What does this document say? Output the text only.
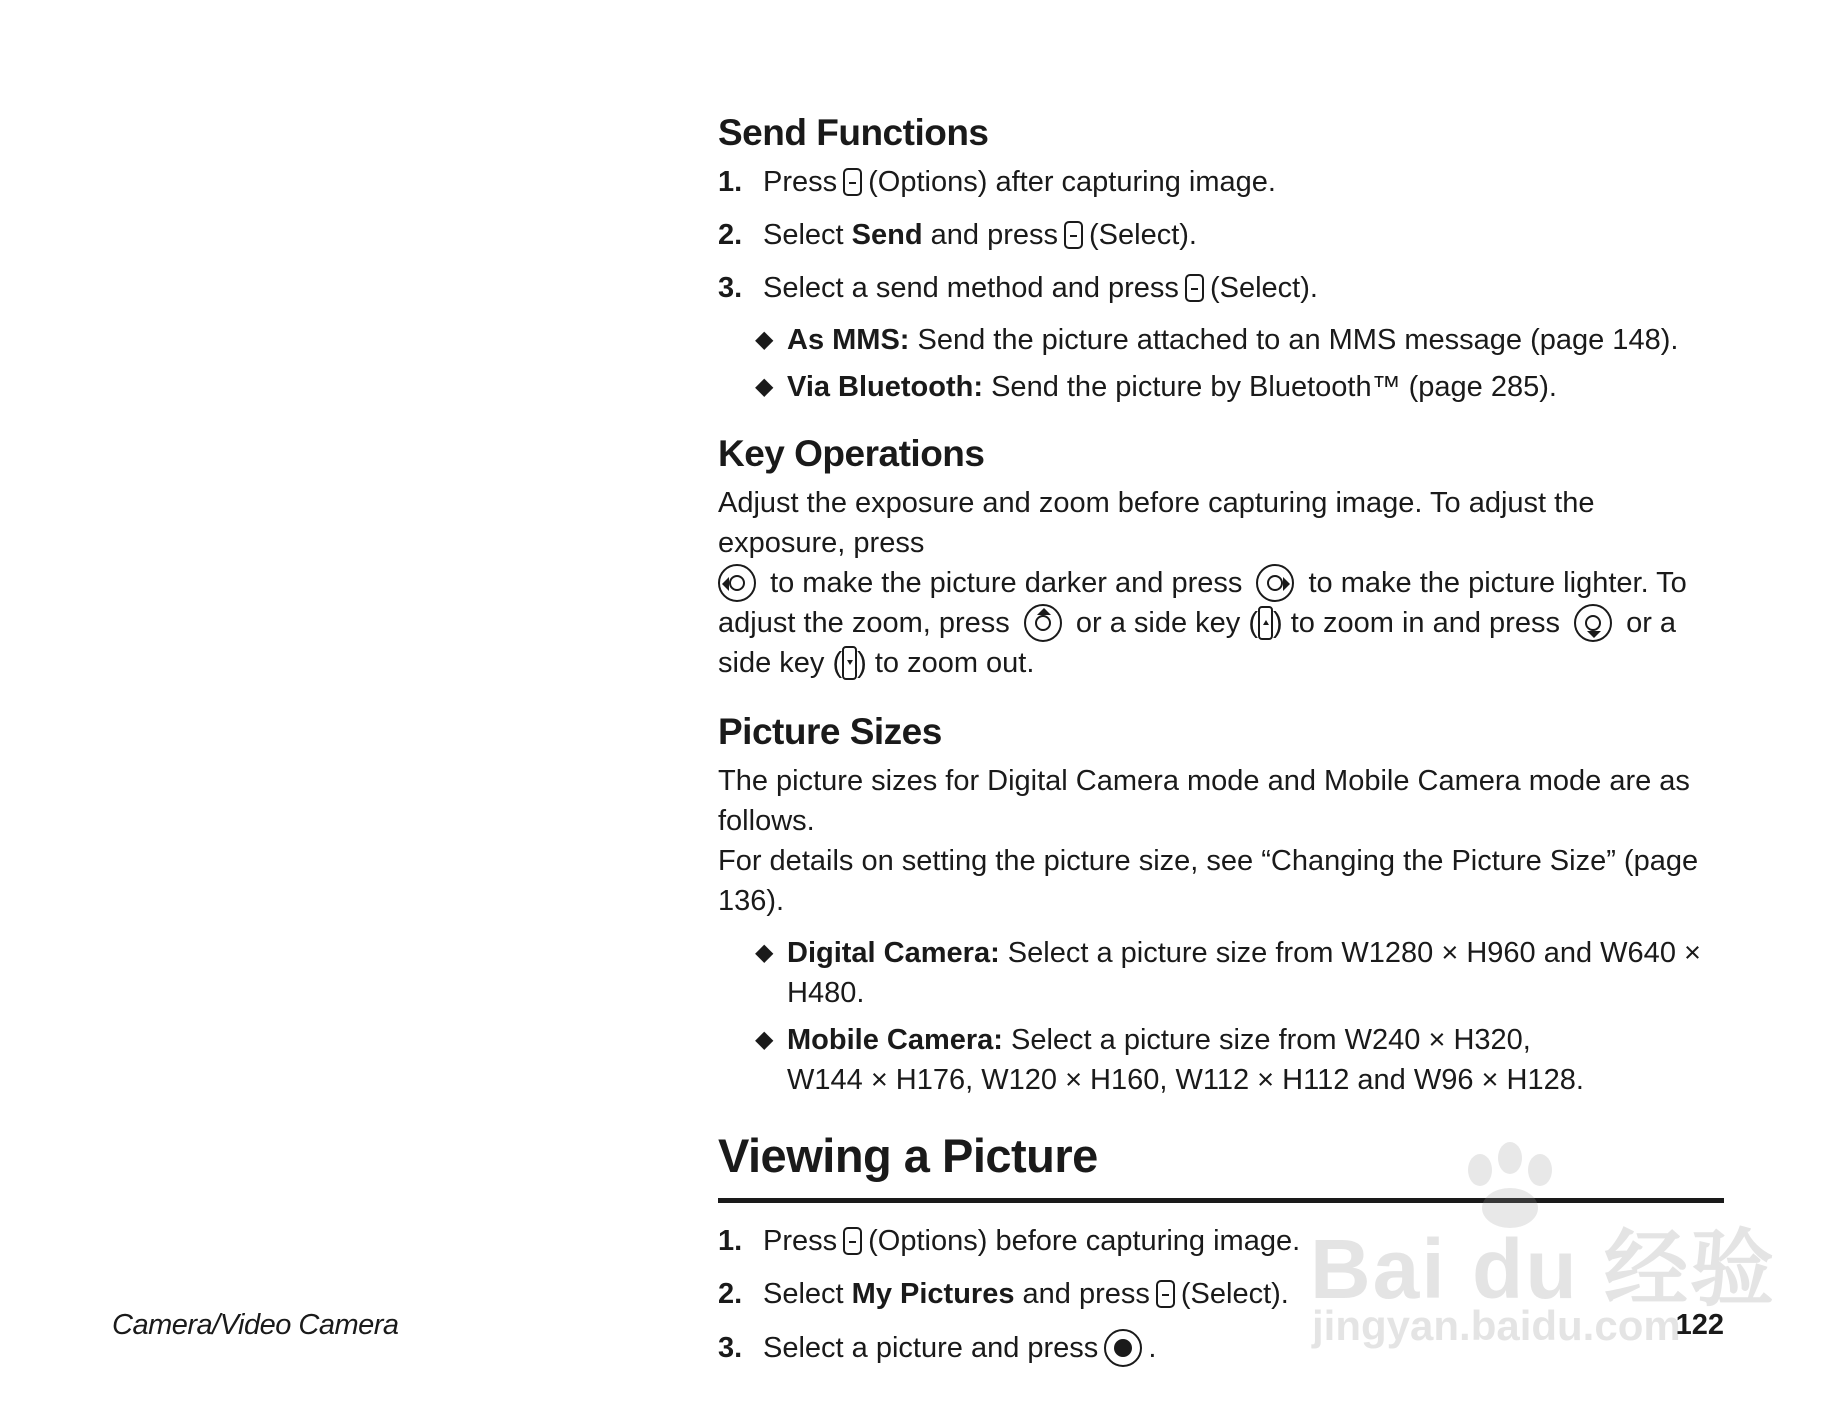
Send Functions
1. Press (Options) after capturing image.
2. Select
Send
and press (Select).
3. Select a send method and press (Select).
◆ As MMS: Send the picture attached to an MMS message (page 148).
◆ Via Bluetooth: Send the picture by Bluetooth™ (page 285).
Key Operations

Adjust the exposure and zoom before capturing image. To adjust the exposure, press

to make the picture darker and press to make the picture lighter. To adjust the zoom, press or a side key ( ) to zoom in and press or a side key ( ) to zoom out.

Picture Sizes

The picture sizes for Digital Camera mode and Mobile Camera mode are as follows.
For details on setting the picture size, see “Changing the Picture Size” (page 136).

◆ Digital Camera: Select a picture size from W1280 × H960 and W640 × H480.
◆ Mobile Camera: Select a picture size from W240 × H320,
W144 × H176, W120 × H160, W112 × H112 and W96 × H128.
Viewing a Picture
1. Press (Options) before capturing image.
2. Select
My Pictures
and press (Select).
3. Select a picture and press .
Camera/Video Camera	122
Bai du 经验
jingyan.baidu.com
